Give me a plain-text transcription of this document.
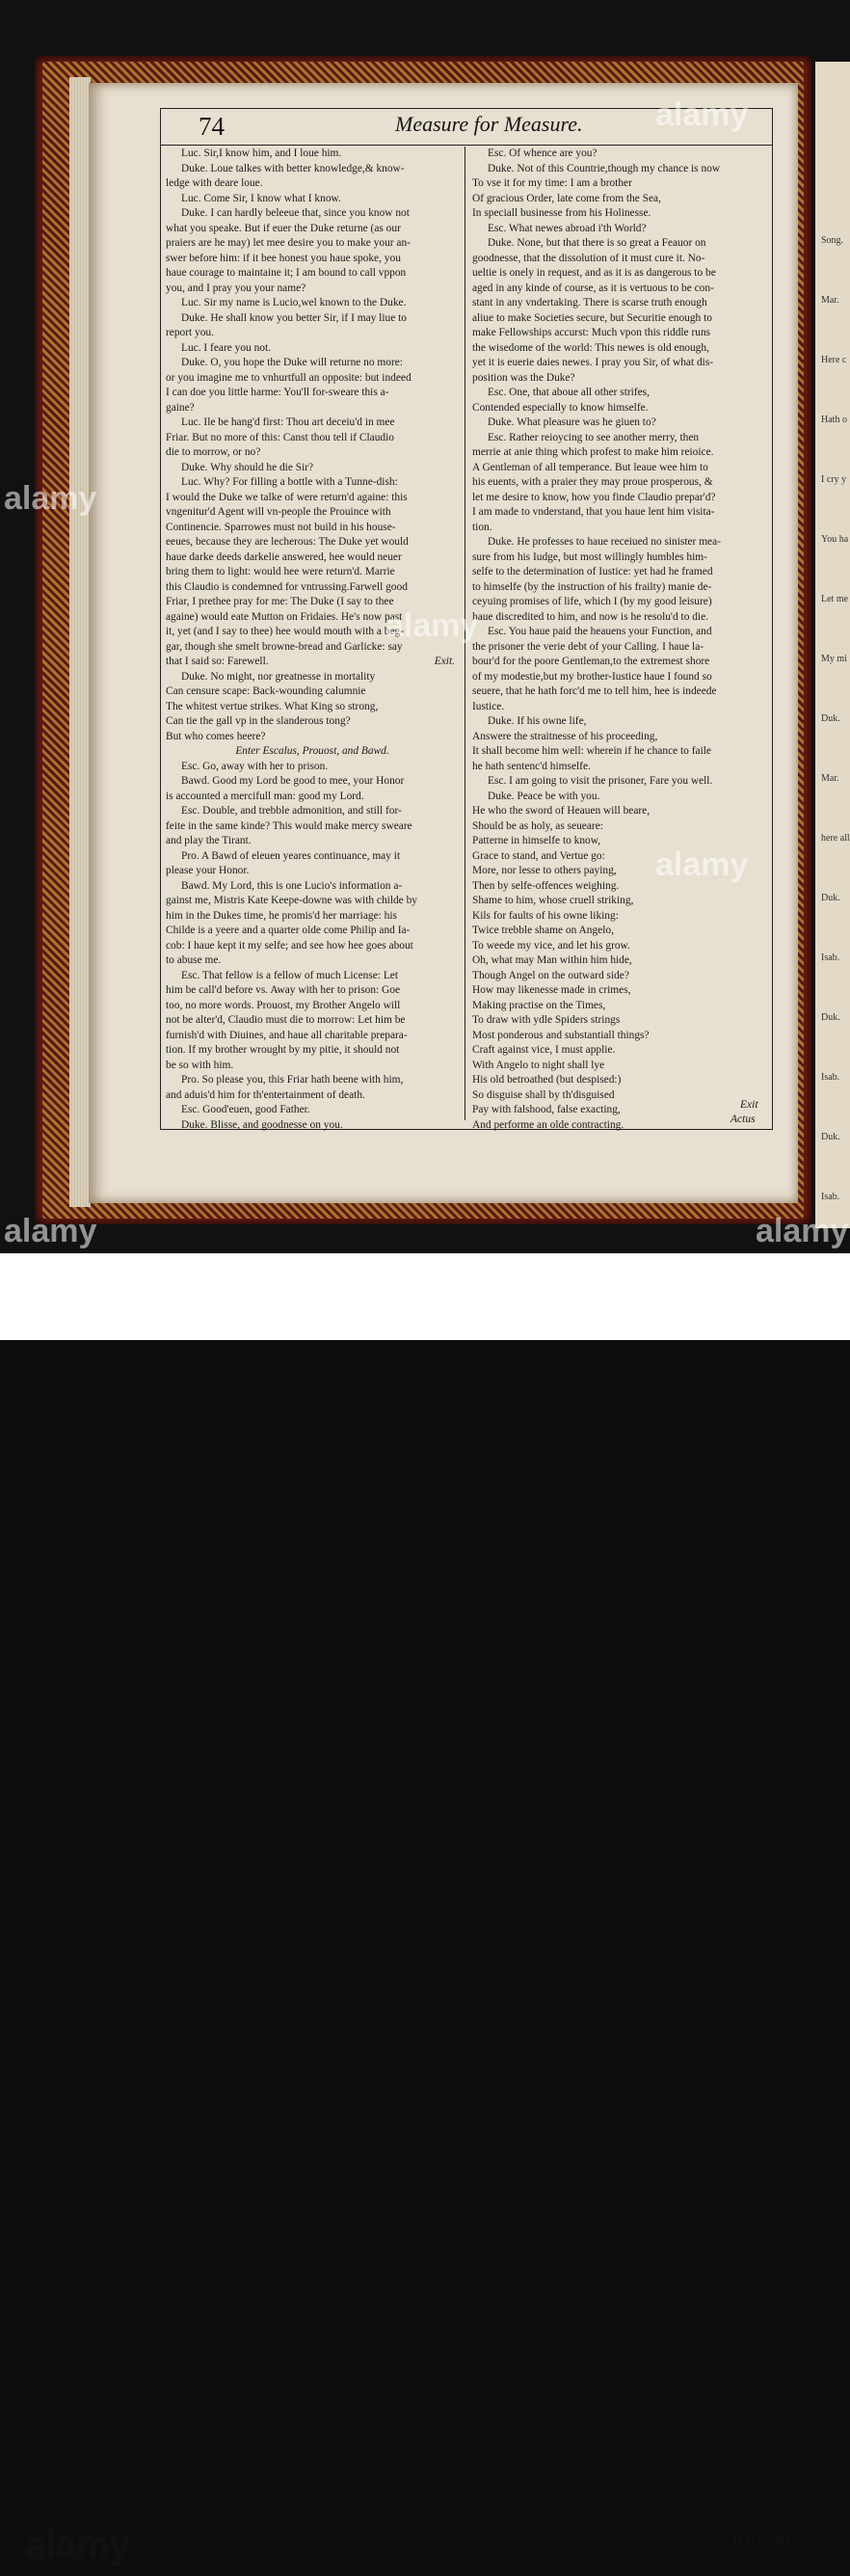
Song.
Mar.
Here c
Hath o
I cry y
You ha
Let me
My mi
Duk.
Mar.
here all
Duk.
Isab.
Duk.
Isab.
Duk.
Isab.
74	Measure for Measure.
Luc. Sir,I know him, and I loue him.
Duke. Loue talkes with better knowledge,& know-
ledge with deare loue.
Luc. Come Sir, I know what I know.
Duke. I can hardly beleeue that, since you know not
what you speake. But if euer the Duke returne (as our
praiers are he may) let mee desire you to make your an-
swer before him: if it bee honest you haue spoke, you
haue courage to maintaine it; I am bound to call vppon
you, and I pray you your name?
Luc. Sir my name is Lucio,wel known to the Duke.
Duke. He shall know you better Sir, if I may liue to
report you.
Luc. I feare you not.
Duke. O, you hope the Duke will returne no more:
or you imagine me to vnhurtfull an opposite: but indeed
I can doe you little harme: You'll for-sweare this a-
gaine?
Luc. Ile be hang'd first: Thou art deceiu'd in mee
Friar. But no more of this: Canst thou tell if Claudio
die to morrow, or no?
Duke. Why should he die Sir?
Luc. Why? For filling a bottle with a Tunne-dish:
I would the Duke we talke of were return'd againe: this
vngenitur'd Agent will vn-people the Prouince with
Continencie. Sparrowes must not build in his house-
eeues, because they are lecherous: The Duke yet would
haue darke deeds darkelie answered, hee would neuer
bring them to light: would hee were return'd. Marrie
this Claudio is condemned for vntrussing.Farwell good
Friar, I prethee pray for me: The Duke (I say to thee
againe) would eate Mutton on Fridaies. He's now past
it, yet (and I say to thee) hee would mouth with a beg-
gar, though she smelt browne-bread and Garlicke: say
that I said so: Farewell.	Exit.
Duke. No might, nor greatnesse in mortality
Can censure scape: Back-wounding calumnie
The whitest vertue strikes. What King so strong,
Can tie the gall vp in the slanderous tong?
But who comes heere?
Enter Escalus, Prouost, and Bawd.
Esc. Go, away with her to prison.
Bawd. Good my Lord be good to mee, your Honor
is accounted a mercifull man: good my Lord.
Esc. Double, and trebble admonition, and still for-
feite in the same kinde? This would make mercy sweare
and play the Tirant.
Pro. A Bawd of eleuen yeares continuance, may it
please your Honor.
Bawd. My Lord, this is one Lucio's information a-
gainst me, Mistris Kate Keepe-downe was with childe by
him in the Dukes time, he promis'd her marriage: his
Childe is a yeere and a quarter olde come Philip and Ia-
cob: I haue kept it my selfe; and see how hee goes about
to abuse me.
Esc. That fellow is a fellow of much License: Let
him be call'd before vs. Away with her to prison: Goe
too, no more words. Prouost, my Brother Angelo will
not be alter'd, Claudio must die to morrow: Let him be
furnish'd with Diuines, and haue all charitable prepara-
tion. If my brother wrought by my pitie, it should not
be so with him.
Pro. So please you, this Friar hath beene with him,
and aduis'd him for th'entertainment of death.
Esc. Good'euen, good Father.
Duke. Blisse, and goodnesse on you.
Esc. Of whence are you?
Duke. Not of this Countrie,though my chance is now
To vse it for my time: I am a brother
Of gracious Order, late come from the Sea,
In speciall businesse from his Holinesse.
Esc. What newes abroad i'th World?
Duke. None, but that there is so great a Feauor on
goodnesse, that the dissolution of it must cure it. No-
ueltie is onely in request, and as it is as dangerous to be
aged in any kinde of course, as it is vertuous to be con-
stant in any vndertaking. There is scarse truth enough
aliue to make Societies secure, but Securitie enough to
make Fellowships accurst: Much vpon this riddle runs
the wisedome of the world: This newes is old enough,
yet it is euerie daies newes. I pray you Sir, of what dis-
position was the Duke?
Esc. One, that aboue all other strifes,
Contended especially to know himselfe.
Duke. What pleasure was he giuen to?
Esc. Rather reioycing to see another merry, then
merrie at anie thing which profest to make him reioice.
A Gentleman of all temperance. But leaue wee him to
his euents, with a praier they may proue prosperous, &
let me desire to know, how you finde Claudio prepar'd?
I am made to vnderstand, that you haue lent him visita-
tion.
Duke. He professes to haue receiued no sinister mea-
sure from his Iudge, but most willingly humbles him-
selfe to the determination of Iustice: yet had he framed
to himselfe (by the instruction of his frailty) manie de-
ceyuing promises of life, which I (by my good leisure)
haue discredited to him, and now is he resolu'd to die.
Esc. You haue paid the heauens your Function, and
the prisoner the verie debt of your Calling. I haue la-
bour'd for the poore Gentleman,to the extremest shore
of my modestie,but my brother-Iustice haue I found so
seuere, that he hath forc'd me to tell him, hee is indeede
Iustice.
Duke. If his owne life,
Answere the straitnesse of his proceeding,
It shall become him well: wherein if he chance to faile
he hath sentenc'd himselfe.
Esc. I am going to visit the prisoner, Fare you well.
Duke. Peace be with you.
He who the sword of Heauen will beare,
Should be as holy, as seueare:
Patterne in himselfe to know,
Grace to stand, and Vertue go:
More, nor lesse to others paying,
Then by selfe-offences weighing.
Shame to him, whose cruell striking,
Kils for faults of his owne liking:
Twice trebble shame on Angelo,
To weede my vice, and let his grow.
Oh, what may Man within him hide,
Though Angel on the outward side?
How may likenesse made in crimes,
Making practise on the Times,
To draw with ydle Spiders strings
Most ponderous and substantiall things?
Craft against vice, I must applie.
With Angelo to night shall lye
His old betroathed (but despised:)
So disguise shall by th'disguised
Pay with falshood, false exacting,
And performe an olde contracting.
Exit
Actus
alamy
alamy
alamy
alamy
alamy	alamy
alamy	JH9KAE
www.alamy.com
